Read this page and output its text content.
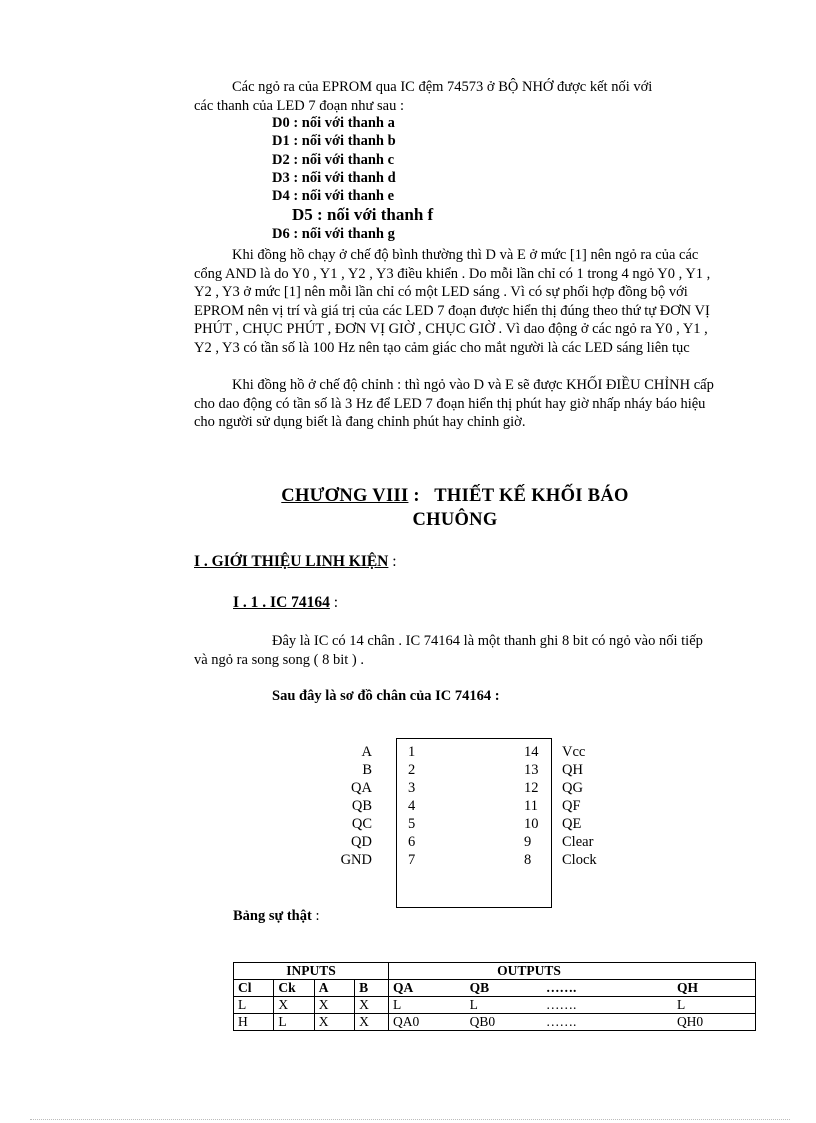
Các ngỏ ra của EPROM qua IC đệm 74573 ở BỘ NHỚ được kết nối với
các thanh của LED 7 đoạn như sau :

D0 : nối với thanh a
D1 : nối với thanh b
D2 : nối với thanh c
D3 : nối với thanh d
D4 : nối với thanh e
D5 : nối với thanh f
D6 : nối với thanh g

Khi đồng hồ chạy ở chế độ bình thường thì D và E ở mức [1] nên ngỏ ra của các cổng AND là do Y0 , Y1 , Y2 , Y3 điều khiển . Do mỗi lần chỉ có 1 trong 4 ngỏ Y0 , Y1 , Y2 , Y3 ở mức [1] nên mỗi lần chỉ có một LED sáng . Vì có sự phối hợp đồng bộ với EPROM nên vị trí và giá trị của các LED 7 đoạn được hiển thị đúng theo thứ tự ĐƠN VỊ PHÚT , CHỤC PHÚT , ĐƠN VỊ GIỜ , CHỤC GIỜ . Vì dao động ở các ngỏ ra Y0 , Y1 , Y2 , Y3 có tần số là 100 Hz nên tạo cảm giác cho mắt người là các LED sáng liên tục

Khi đồng hồ ở chế độ chỉnh : thì ngỏ vào D và E sẽ được KHỐI ĐIỀU CHỈNH cấp cho dao động có tần số là 3 Hz để LED 7 đoạn hiển thị phút hay giờ nhấp nháy báo hiệu cho người sử dụng biết là đang chỉnh phút hay chỉnh giờ.

CHƯƠNG VIII :   THIẾT KẾ KHỐI BÁO
CHUÔNG
I . GIỚI THIỆU LINH KIỆN :
I . 1 . IC 74164 :

Đây là IC có 14 chân . IC 74164 là một thanh ghi 8 bit có ngỏ vào nối tiếp và ngỏ ra song song ( 8 bit ) .

Sau đây là sơ đồ chân của IC 74164 :
A 1	14 Vcc
B 2	13 QH
QA 3	12 QG
QB 4	11 QF
QC 5	10 QE
QD 6	9 Clear
GND 7	8 Clock
Bảng sự thật :
INPUTS				OUTPUTS			
Cl	Ck	A	B	QA	QB	…….	QH
L	X	X	X	L	L	…….	L
H	L	X	X	QA0	QB0	…….	QH0
